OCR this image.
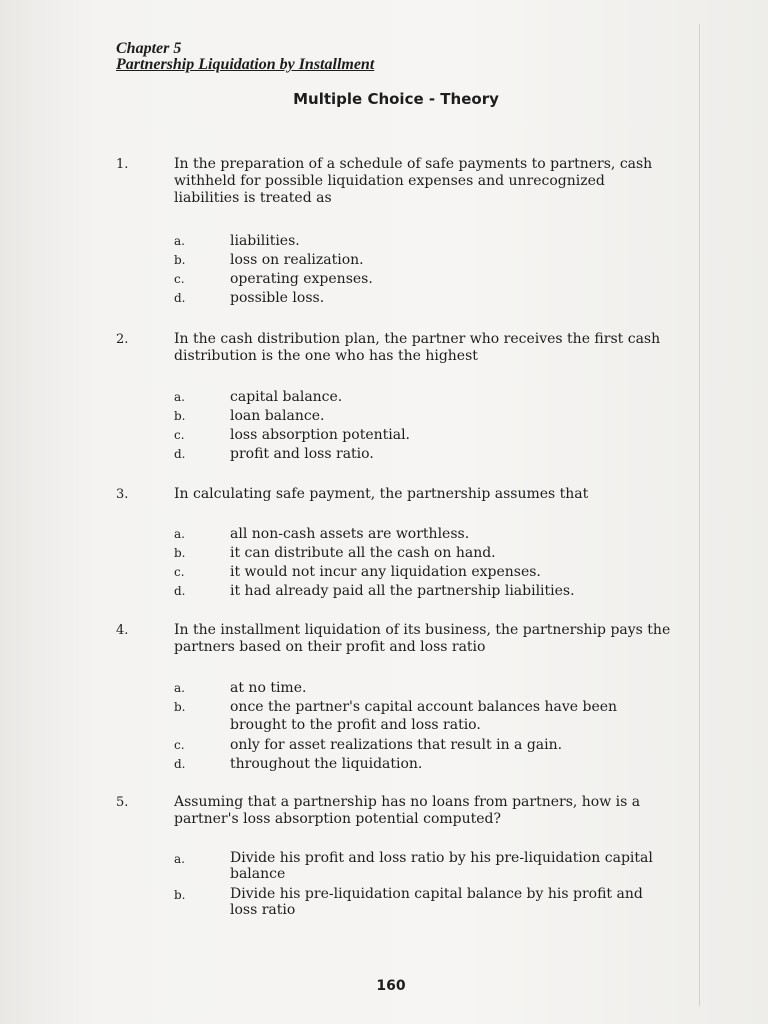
Chapter 5
Partnership Liquidation by Installment
Multiple Choice - Theory
1.	In the preparation of a schedule of safe payments to partners, cash withheld for possible liquidation expenses and unrecognized liabilities is treated as
a.	liabilities.
b.	loss on realization.
c.	operating expenses.
d.	possible loss.
2.	In the cash distribution plan, the partner who receives the first cash distribution is the one who has the highest
a.	capital balance.
b.	loan balance.
c.	loss absorption potential.
d.	profit and loss ratio.
3.	In calculating safe payment, the partnership assumes that
a.	all non-cash assets are worthless.
b.	it can distribute all the cash on hand.
c.	it would not incur any liquidation expenses.
d.	it had already paid all the partnership liabilities.
4.	In the installment liquidation of its business, the partnership pays the partners based on their profit and loss ratio
a.	at no time.
b.	once the partner's capital account balances have been brought to the profit and loss ratio.
c.	only for asset realizations that result in a gain.
d.	throughout the liquidation.
5.	Assuming that a partnership has no loans from partners, how is a partner's loss absorption potential computed?
a.	Divide his profit and loss ratio by his pre-liquidation capital balance
b.	Divide his pre-liquidation capital balance by his profit and loss ratio
160
